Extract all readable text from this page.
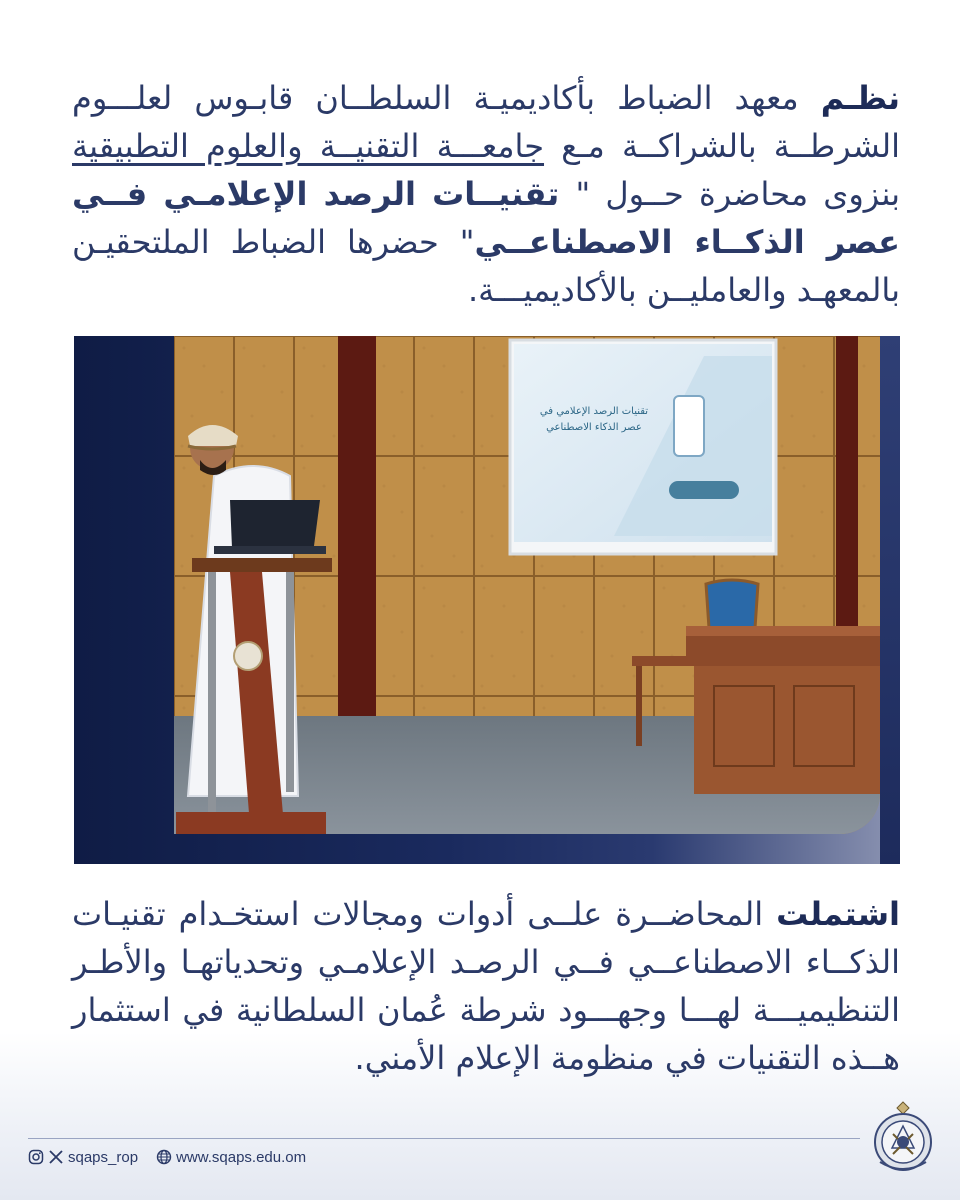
نظـم معهد الضباط بأكاديميـة السلطــان قابـوس لعلـــوم الشرطــة بالشراكــة مـع جامعـــة التقنيــة والعلوم التطبيقية بنزوى محاضرة حــول " تقنيــات الرصد الإعلامـي فــي عصر الذكــاء الاصطناعــي" حضرها الضباط الملتحقيـن بالمعهـد والعامليــن بالأكاديميـــة.

تقنيات الرصد الإعلامي في
عصر الذكاء الاصطناعي

اشتملت المحاضــرة علــى أدوات ومجالات استخـدام تقنيـات الذكــاء الاصطناعــي فــي الرصـد الإعلامـي وتحدياتهـا والأطـر التنظيميـــة لهـــا وجهـــود شرطة عُمان السلطانية في استثمار هــذه التقنيات في منظومة الإعلام الأمني.

sqaps_rop	www.sqaps.edu.om
